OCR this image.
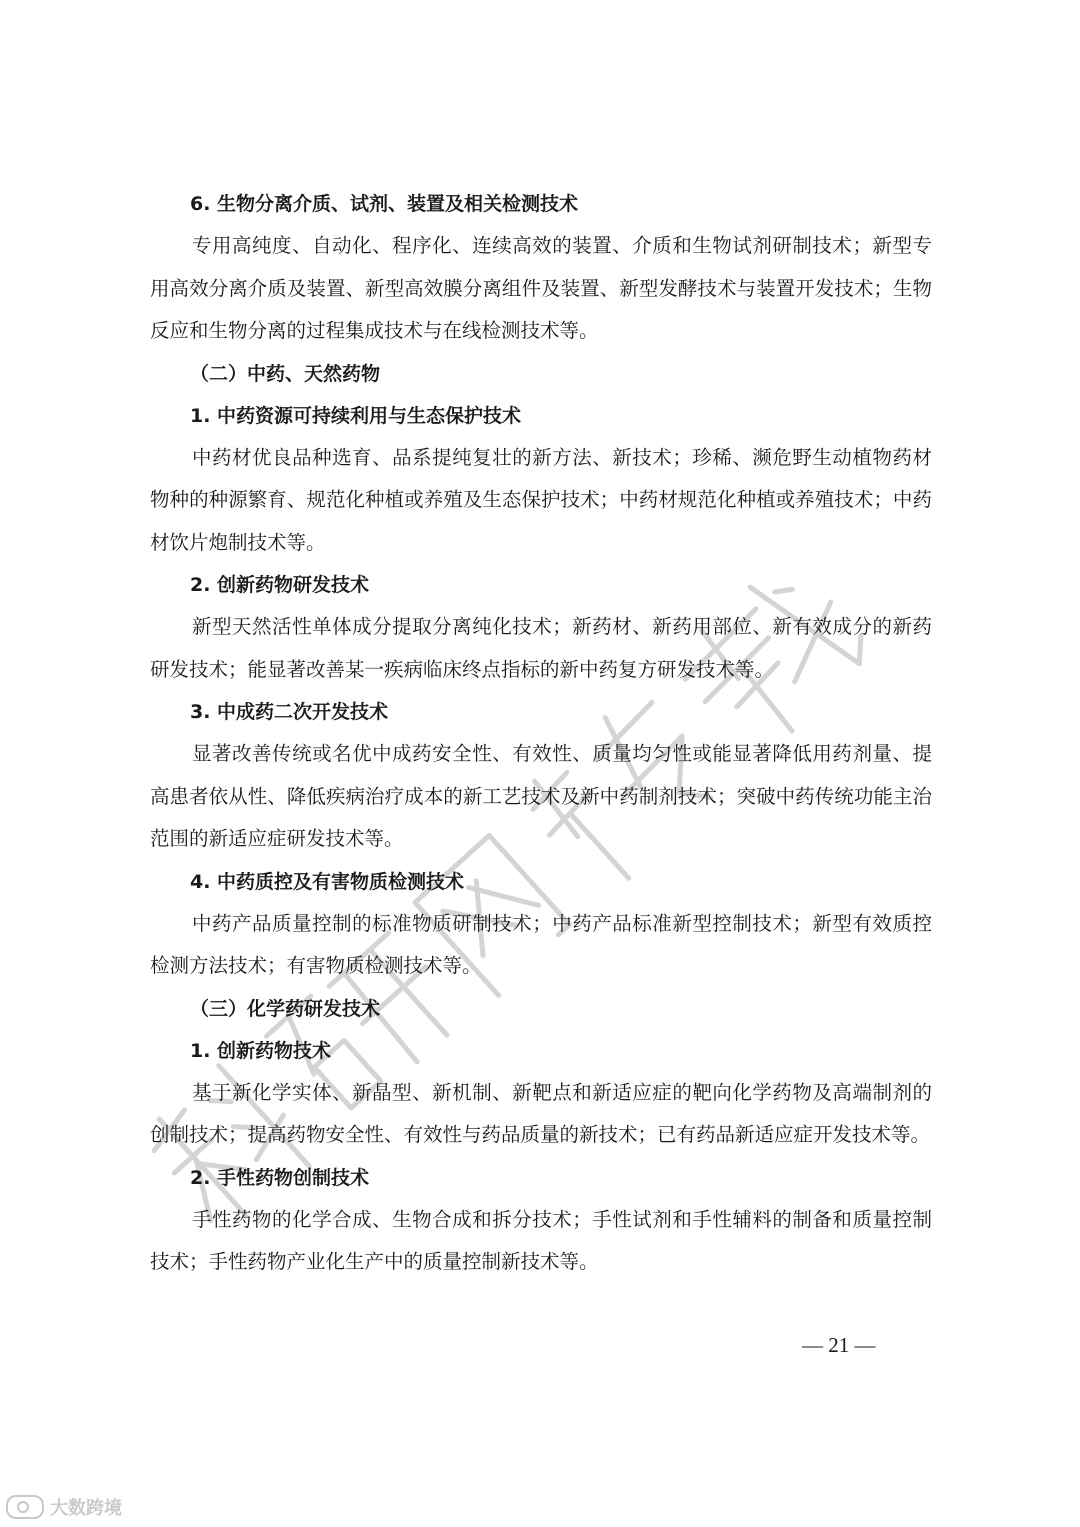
6. 生物分离介质、试剂、装置及相关检测技术

专用高纯度、自动化、程序化、连续高效的装置、介质和生物试剂研制技术；新型专用高效分离介质及装置、新型高效膜分离组件及装置、新型发酵技术与装置开发技术；生物反应和生物分离的过程集成技术与在线检测技术等。

（二）中药、天然药物
1. 中药资源可持续利用与生态保护技术

中药材优良品种选育、品系提纯复壮的新方法、新技术；珍稀、濒危野生动植物药材物种的种源繁育、规范化种植或养殖及生态保护技术；中药材规范化种植或养殖技术；中药材饮片炮制技术等。

2. 创新药物研发技术

新型天然活性单体成分提取分离纯化技术；新药材、新药用部位、新有效成分的新药研发技术；能显著改善某一疾病临床终点指标的新中药复方研发技术等。

3. 中成药二次开发技术

显著改善传统或名优中成药安全性、有效性、质量均匀性或能显著降低用药剂量、提高患者依从性、降低疾病治疗成本的新工艺技术及新中药制剂技术；突破中药传统功能主治范围的新适应症研发技术等。

4. 中药质控及有害物质检测技术

中药产品质量控制的标准物质研制技术；中药产品标准新型控制技术；新型有效质控检测方法技术；有害物质检测技术等。

（三）化学药研发技术
1. 创新药物技术

基于新化学实体、新晶型、新机制、新靶点和新适应症的靶向化学药物及高端制剂的创制技术；提高药物安全性、有效性与药品质量的新技术；已有药品新适应症开发技术等。

2. 手性药物创制技术

手性药物的化学合成、生物合成和拆分技术；手性试剂和手性辅料的制备和质量控制技术；手性药物产业化生产中的质量控制新技术等。

— 21 —
大数跨境
